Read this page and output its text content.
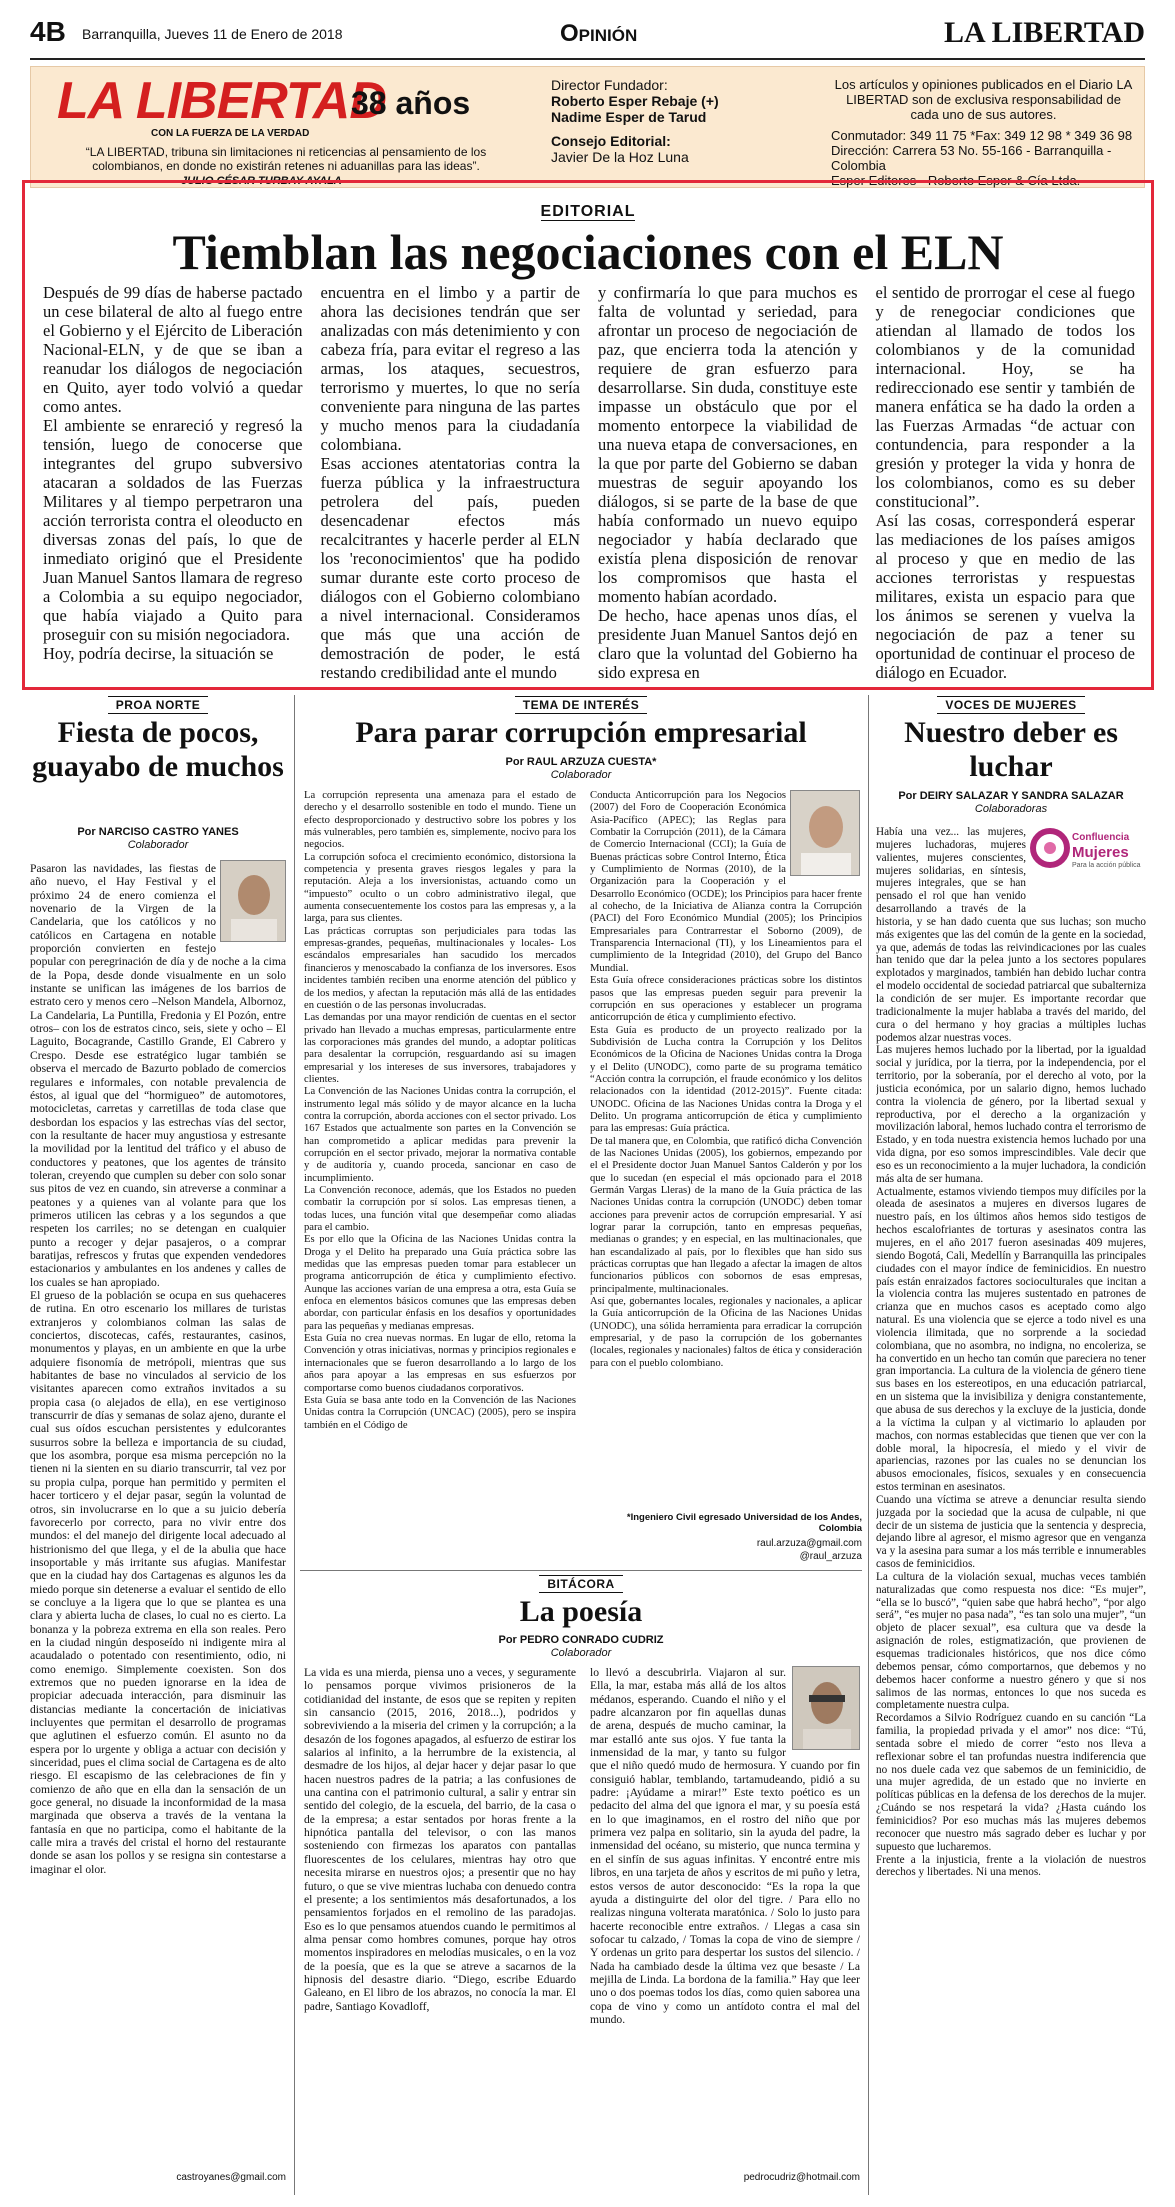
4B Barranquilla, Jueves 11 de Enero de 2018	Opinión	LA LIBERTAD
LA LIBERTAD
38 años
CON LA FUERZA DE LA VERDAD
“LA LIBERTAD, tribuna sin limitaciones ni reticencias al pensamiento de los colombianos, en donde no existirán retenes ni aduanillas para las ideas”.
JULIO CÉSAR TURBAY AYALA
Director Fundador:
Roberto Esper Rebaje (+)
Nadime Esper de Tarud
Consejo Editorial:
Javier De la Hoz Luna
Los artículos y opiniones publicados en el Diario LA LIBERTAD son de exclusiva responsabilidad de cada uno de sus autores.
Conmutador: 349 11 75 *Fax: 349 12 98 * 349 36 98
Dirección: Carrera 53 No. 55-166 - Barranquilla - Colombia
Esper Editores - Roberto Esper & Cía Ltda.
EDITORIAL
Tiemblan las negociaciones con el ELN

Después de 99 días de haberse pactado un cese bilateral de alto al fuego entre el Gobierno y el Ejército de Liberación Nacional-ELN, y de que se iban a reanudar los diálogos de negociación en Quito, ayer todo volvió a quedar como antes.
El ambiente se enrareció y regresó la tensión, luego de conocerse que integrantes del grupo subversivo atacaran a soldados de las Fuerzas Militares y al tiempo perpetraron una acción terrorista contra el oleoducto en diversas zonas del país, lo que de inmediato originó que el Presidente Juan Manuel Santos llamara de regreso a Colombia a su equipo negociador, que había viajado a Quito para proseguir con su misión negociadora.
Hoy, podría decirse, la situación se

encuentra en el limbo y a partir de ahora las decisiones tendrán que ser analizadas con más detenimiento y con cabeza fría, para evitar el regreso a las armas, los ataques, secuestros, terrorismo y muertes, lo que no sería conveniente para ninguna de las partes y mucho menos para la ciudadanía colombiana.
Esas acciones atentatorias contra la fuerza pública y la infraestructura petrolera del país, pueden desencadenar efectos más recalcitrantes y hacerle perder al ELN los 'reconocimientos' que ha podido sumar durante este corto proceso de diálogos con el Gobierno colombiano a nivel internacional. Consideramos que más que una acción de demostración de poder, le está restando credibilidad ante el mundo

y confirmaría lo que para muchos es falta de voluntad y seriedad, para afrontar un proceso de negociación de paz, que encierra toda la atención y requiere de gran esfuerzo para desarrollarse. Sin duda, constituye este impasse un obstáculo que por el momento entorpece la viabilidad de una nueva etapa de conversaciones, en la que por parte del Gobierno se daban muestras de seguir apoyando los diálogos, si se parte de la base de que había conformado un nuevo equipo negociador y había declarado que existía plena disposición de renovar los compromisos que hasta el momento habían acordado.
De hecho, hace apenas unos días, el presidente Juan Manuel Santos dejó en claro que la voluntad del Gobierno ha sido expresa en

el sentido de prorrogar el cese al fuego y de renegociar condiciones que atiendan al llamado de todos los colombianos y de la comunidad internacional. Hoy, se ha redireccionado ese sentir y también de manera enfática se ha dado la orden a las Fuerzas Armadas “de actuar con contundencia, para responder a la gresión y proteger la vida y honra de los colombianos, como es su deber constitucional”.
Así las cosas, corresponderá esperar las mediaciones de los países amigos al proceso y que en medio de las acciones terroristas y respuestas militares, exista un espacio para que los ánimos se serenen y vuelva la negociación de paz a tener su oportunidad de continuar el proceso de diálogo en Ecuador.

PROA NORTE
Fiesta de pocos, guayabo de muchos
Por NARCISO CASTRO YANES
Colaborador
Pasaron las navidades, las fiestas de año nuevo, el Hay Festival y el próximo 24 de enero comienza el novenario de la Virgen de la Candelaria, que los católicos y no católicos en Cartagena en notable proporción convierten en festejo popular con peregrinación de día y de noche a la cima de la Popa, desde donde visualmente en un solo instante se unifican las imágenes de los barrios de estrato cero y menos cero –Nelson Mandela, Albornoz, La Candelaria, La Puntilla, Fredonia y El Pozón, entre otros– con los de estratos cinco, seis, siete y ocho – El Laguito, Bocagrande, Castillo Grande, El Cabrero y Crespo. Desde ese estratégico lugar también se observa el mercado de Bazurto poblado de comercios regulares e informales, con notable prevalencia de éstos, al igual que del “hormigueo” de automotores, motocicletas, carretas y carretillas de toda clase que desbordan los espacios y las estrechas vías del sector, con la resultante de hacer muy angustiosa y estresante la movilidad por la lentitud del tráfico y el abuso de conductores y peatones, que los agentes de tránsito toleran, creyendo que cumplen su deber con solo sonar sus pitos de vez en cuando, sin atreverse a conminar a peatones y a quienes van al volante para que los primeros utilicen las cebras y a los segundos a que respeten los carriles; no se detengan en cualquier punto a recoger y dejar pasajeros, o a comprar baratijas, refrescos y frutas que expenden vendedores estacionarios y ambulantes en los andenes y calles de los cuales se han apropiado.
El grueso de la población se ocupa en sus quehaceres de rutina. En otro escenario los millares de turistas extranjeros y colombianos colman las salas de conciertos, discotecas, cafés, restaurantes, casinos, monumentos y playas, en un ambiente en que la urbe adquiere fisonomía de metrópoli, mientras que sus habitantes de base no vinculados al servicio de los visitantes aparecen como extraños invitados a su propia casa (o alejados de ella), en ese vertiginoso transcurrir de días y semanas de solaz ajeno, durante el cual sus oídos escuchan persistentes y edulcorantes susurros sobre la belleza e importancia de su ciudad, que los asombra, porque esa misma percepción no la tienen ni la sienten en su diario transcurrir, tal vez por su propia culpa, porque han permitido y permiten el hacer torticero y el dejar pasar, según la voluntad de otros, sin involucrarse en lo que a su juicio debería favorecerlo por correcto, para no vivir entre dos mundos: el del manejo del dirigente local adecuado al histrionismo del que llega, y el de la abulia que hace insoportable y más irritante sus afugias. Manifestar que en la ciudad hay dos Cartagenas es algunos les da miedo porque sin detenerse a evaluar el sentido de ello se concluye a la ligera que lo que se plantea es una clara y abierta lucha de clases, lo cual no es cierto. La bonanza y la pobreza extrema en ella son reales. Pero en la ciudad ningún desposeído ni indigente mira al acaudalado o potentado con resentimiento, odio, ni como enemigo. Simplemente coexisten. Son dos extremos que no pueden ignorarse en la idea de propiciar adecuada interacción, para disminuir las distancias mediante la concertación de iniciativas incluyentes que permitan el desarrollo de programas que aglutinen el esfuerzo común. El asunto no da espera por lo urgente y obliga a actuar con decisión y sinceridad, pues el clima social de Cartagena es de alto riesgo. El escapismo de las celebraciones de fin y comienzo de año que en ella dan la sensación de un goce general, no disuade la inconformidad de la masa marginada que observa a través de la ventana la fantasía en que no participa, como el habitante de la calle mira a través del cristal el horno del restaurante donde se asan los pollos y se resigna sin contestarse a imaginar el olor.
castroyanes@gmail.com
TEMA DE INTERÉS
Para parar corrupción empresarial
Por RAUL ARZUZA CUESTA*
Colaborador
La corrupción representa una amenaza para el estado de derecho y el desarrollo sostenible en todo el mundo. Tiene un efecto desproporcionado y destructivo sobre los pobres y los más vulnerables, pero también es, simplemente, nocivo para los negocios.
La corrupción sofoca el crecimiento económico, distorsiona la competencia y presenta graves riesgos legales y para la reputación. Aleja a los inversionistas, actuando como un “impuesto” oculto o un cobro administrativo ilegal, que aumenta consecuentemente los costos para las empresas y, a la larga, para sus clientes.
Las prácticas corruptas son perjudiciales para todas las empresas-grandes, pequeñas, multinacionales y locales- Los escándalos empresariales han sacudido los mercados financieros y menoscabado la confianza de los inversores. Esos incidentes también reciben una enorme atención del público y de los medios, y afectan la reputación más allá de las entidades en cuestión o de las personas involucradas.
Las demandas por una mayor rendición de cuentas en el sector privado han llevado a muchas empresas, particularmente entre las corporaciones más grandes del mundo, a adoptar políticas para desalentar la corrupción, resguardando así su imagen empresarial y los intereses de sus inversores, trabajadores y clientes.
La Convención de las Naciones Unidas contra la corrupción, el instrumento legal más sólido y de mayor alcance en la lucha contra la corrupción, aborda acciones con el sector privado. Los 167 Estados que actualmente son partes en la Convención se han comprometido a aplicar medidas para prevenir la corrupción en el sector privado, mejorar la normativa contable y de auditoría y, cuando proceda, sancionar en caso de incumplimiento.
La Convención reconoce, además, que los Estados no pueden combatir la corrupción por sí solos. Las empresas tienen, a todas luces, una función vital que desempeñar como aliadas para el cambio.
Es por ello que la Oficina de las Naciones Unidas contra la Droga y el Delito ha preparado una Guía práctica sobre las medidas que las empresas pueden tomar para establecer un programa anticorrupción de ética y cumplimiento efectivo. Aunque las acciones varían de una empresa a otra, esta Guía se enfoca en elementos básicos comunes que las empresas deben abordar, con particular énfasis en los desafíos y oportunidades para las pequeñas y medianas empresas.
Esta Guía no crea nuevas normas. En lugar de ello, retoma la Convención y otras iniciativas, normas y principios regionales e internacionales que se fueron desarrollando a lo largo de los años para apoyar a las empresas en sus esfuerzos por comportarse como buenos ciudadanos corporativos.
Esta Guía se basa ante todo en la Convención de las Naciones Unidas contra la Corrupción (UNCAC) (2005), pero se inspira también en el Código de
Conducta Anticorrupción para los Negocios (2007) del Foro de Cooperación Económica Asia-Pacífico (APEC); las Reglas para Combatir la Corrupción (2011), de la Cámara de Comercio Internacional (CCI); la Guía de Buenas prácticas sobre Control Interno, Ética y Cumplimiento de Normas (2010), de la Organización para la Cooperación y el Desarrollo Económico (OCDE); los Principios para hacer frente al cohecho, de la Iniciativa de Alianza contra la Corrupción (PACI) del Foro Económico Mundial (2005); los Principios Empresariales para Contrarrestar el Soborno (2009), de Transparencia Internacional (TI), y los Lineamientos para el cumplimiento de la Integridad (2010), del Grupo del Banco Mundial.
Esta Guía ofrece consideraciones prácticas sobre los distintos pasos que las empresas pueden seguir para prevenir la corrupción en sus operaciones y establecer un programa anticorrupción de ética y cumplimiento efectivo.
Esta Guía es producto de un proyecto realizado por la Subdivisión de Lucha contra la Corrupción y los Delitos Económicos de la Oficina de Naciones Unidas contra la Droga y el Delito (UNODC), como parte de su programa temático “Acción contra la corrupción, el fraude económico y los delitos relacionados con la identidad (2012-2015)”. Fuente citada: UNODC. Oficina de las Naciones Unidas contra la Droga y el Delito. Un programa anticorrupción de ética y cumplimiento para las empresas: Guía práctica.
De tal manera que, en Colombia, que ratificó dicha Convención de las Naciones Unidas (2005), los gobiernos, empezando por el el Presidente doctor Juan Manuel Santos Calderón y por los que lo sucedan (en especial el más opcionado para el 2018 Germán Vargas Lleras) de la mano de la Guía práctica de las Naciones Unidas contra la corrupción (UNODC) deben tomar acciones para prevenir actos de corrupción empresarial. Y así lograr parar la corrupción, tanto en empresas pequeñas, medianas o grandes; y en especial, en las multinacionales, que han escandalizado al país, por lo flexibles que han sido sus prácticas corruptas que han llegado a afectar la imagen de altos funcionarios públicos con sobornos de esas empresas, principalmente, multinacionales.
Así que, gobernantes locales, regionales y nacionales, a aplicar la Guía anticorrupción de la Oficina de las Naciones Unidas (UNODC), una sólida herramienta para erradicar la corrupción empresarial, y de paso la corrupción de los gobernantes (locales, regionales y nacionales) faltos de ética y consideración para con el pueblo colombiano.
*Ingeniero Civil egresado Universidad de los Andes, Colombia
raul.arzuza@gmail.com
@raul_arzuza
BITÁCORA
La poesía
Por PEDRO CONRADO CUDRIZ
Colaborador
La vida es una mierda, piensa uno a veces, y seguramente lo pensamos porque vivimos prisioneros de la cotidianidad del instante, de esos que se repiten y repiten sin cansancio (2015, 2016, 2018...), podridos y sobreviviendo a la miseria del crimen y la corrupción; a la desazón de los fogones apagados, al esfuerzo de estirar los salarios al infinito, a la herrumbre de la existencia, al desmadre de los hijos, al dejar hacer y dejar pasar lo que hacen nuestros padres de la patria; a las confusiones de una cantina con el patrimonio cultural, a salir y entrar sin sentido del colegio, de la escuela, del barrio, de la casa o de la empresa; a estar sentados por horas frente a la hipnótica pantalla del televisor, o con las manos sosteniendo con firmezas los aparatos con pantallas fluorescentes de los celulares, mientras hay otro que necesita mirarse en nuestros ojos; a presentir que no hay futuro, o que se vive mientras luchaba con denuedo contra el presente; a los sentimientos más desafortunados, a los pensamientos forjados en el remolino de las paradojas. Eso es lo que pensamos atuendos cuando le permitimos al alma pensar como hombres comunes, porque hay otros momentos inspiradores en melodías musicales, o en la voz de la poesía, que es la que se atreve a sacarnos de la hipnosis del desastre diario. “Diego, escribe Eduardo Galeano, en El libro de los abrazos, no conocía la mar. El padre, Santiago Kovadloff,
lo llevó a descubrirla. Viajaron al sur. Ella, la mar, estaba más allá de los altos médanos, esperando. Cuando el niño y el padre alcanzaron por fin aquellas dunas de arena, después de mucho caminar, la mar estalló ante sus ojos. Y fue tanta la inmensidad de la mar, y tanto su fulgor que el niño quedó mudo de hermosura. Y cuando por fin consiguió hablar, temblando, tartamudeando, pidió a su padre: ¡Ayúdame a mirar!” Este texto poético es un pedacito del alma del que ignora el mar, y su poesía está en lo que imaginamos, en el rostro del niño que por primera vez palpa en solitario, sin la ayuda del padre, la inmensidad del océano, su misterio, que nunca termina y en el sinfín de sus aguas infinitas. Y encontré entre mis libros, en una tarjeta de años y escritos de mi puño y letra, estos versos de autor desconocido: “Es la ropa la que ayuda a distinguirte del olor del tigre. / Para ello no realizas ninguna volterata maratónica. / Solo lo justo para hacerte reconocible entre extraños. / Llegas a casa sin sofocar tu calzado, / Tomas la copa de vino de siempre / Y ordenas un grito para despertar los sustos del silencio. / Nada ha cambiado desde la última vez que besaste / La mejilla de Linda. La bordona de la familia.” Hay que leer uno o dos poemas todos los días, como quien saborea una copa de vino y como un antídoto contra el mal del mundo.
pedrocudriz@hotmail.com
VOCES DE MUJERES
Nuestro deber es luchar
Por DEIRY SALAZAR Y SANDRA SALAZAR
Colaboradoras
Confluencia
Mujeres
Para la acción pública
Había una vez... las mujeres, mujeres luchadoras, mujeres valientes, mujeres conscientes, mujeres solidarias, en síntesis, mujeres integrales, que se han pensado el rol que han venido desarrollando a través de la historia, y se han dado cuenta que sus luchas; son mucho más exigentes que las del común de la gente en la sociedad, ya que, además de todas las reivindicaciones por las cuales han tenido que dar la pelea junto a los sectores populares explotados y marginados, también han debido luchar contra el modelo occidental de sociedad patriarcal que subalterniza la condición de ser mujer. Es importante recordar que tradicionalmente la mujer hablaba a través del marido, del cura o del hermano y hoy gracias a múltiples luchas podemos alzar nuestras voces.
Las mujeres hemos luchado por la libertad, por la igualdad social y jurídica, por la tierra, por la independencia, por el territorio, por la soberanía, por el derecho al voto, por la justicia económica, por un salario digno, hemos luchado contra la violencia de género, por la libertad sexual y reproductiva, por el derecho a la organización y movilización laboral, hemos luchado contra el terrorismo de Estado, y en toda nuestra existencia hemos luchado por una vida digna, por eso somos imprescindibles. Vale decir que eso es un reconocimiento a la mujer luchadora, la condición más alta de ser humana.
Actualmente, estamos viviendo tiempos muy difíciles por la oleada de asesinatos a mujeres en diversos lugares de nuestro país, en los últimos años hemos sido testigos de hechos escalofriantes de torturas y asesinatos contra las mujeres, en el año 2017 fueron asesinadas 409 mujeres, siendo Bogotá, Cali, Medellín y Barranquilla las principales ciudades con el mayor índice de feminicidios. En nuestro país están enraizados factores socioculturales que incitan a la violencia contra las mujeres sustentado en patrones de crianza que en muchos casos es aceptado como algo natural. Es una violencia que se ejerce a todo nivel es una violencia ilimitada, que no sorprende a la sociedad colombiana, que no asombra, no indigna, no encoleriza, se ha convertido en un hecho tan común que pareciera no tener gran importancia. La cultura de la violencia de género tiene sus bases en los estereotipos, en una educación patriarcal, en un sistema que la invisibiliza y denigra constantemente, que abusa de sus derechos y la excluye de la justicia, donde a la víctima la culpan y al victimario lo aplauden por machos, con normas establecidas que tienen que ver con la doble moral, la hipocresía, el miedo y el vivir de apariencias, razones por las cuales no se denuncian los abusos emocionales, físicos, sexuales y en consecuencia estos terminan en asesinatos.
Cuando una víctima se atreve a denunciar resulta siendo juzgada por la sociedad que la acusa de culpable, ni que decir de un sistema de justicia que la sentencia y desprecia, dejando libre al agresor, el mismo agresor que en venganza va y la asesina para sumar a los más terrible e innumerables casos de feminicidios.
La cultura de la violación sexual, muchas veces también naturalizadas que como respuesta nos dice: “Es mujer”, “ella se lo buscó”, “quien sabe que habrá hecho”, “por algo será”, “es mujer no pasa nada”, “es tan solo una mujer”, “un objeto de placer sexual”, esa cultura que va desde la asignación de roles, estigmatización, que provienen de esquemas tradicionales históricos, que nos dice cómo debemos pensar, cómo comportarnos, que debemos y no debemos hacer conforme a nuestro género y que si nos salimos de las normas, entonces lo que nos suceda es completamente nuestra culpa.
Recordamos a Silvio Rodríguez cuando en su canción “La familia, la propiedad privada y el amor” nos dice: “Tú, sentada sobre el miedo de correr “esto nos lleva a reflexionar sobre el tan profundas nuestra indiferencia que no nos duele cada vez que sabemos de un feminicidio, de una mujer agredida, de un estado que no invierte en políticas públicas en la defensa de los derechos de la mujer. ¿Cuándo se nos respetará la vida? ¿Hasta cuándo los feminicidios? Por eso muchas más las mujeres debemos reconocer que nuestro más sagrado deber es luchar y por supuesto que lucharemos.
Frente a la injusticia, frente a la violación de nuestros derechos y libertades. Ni una menos.
